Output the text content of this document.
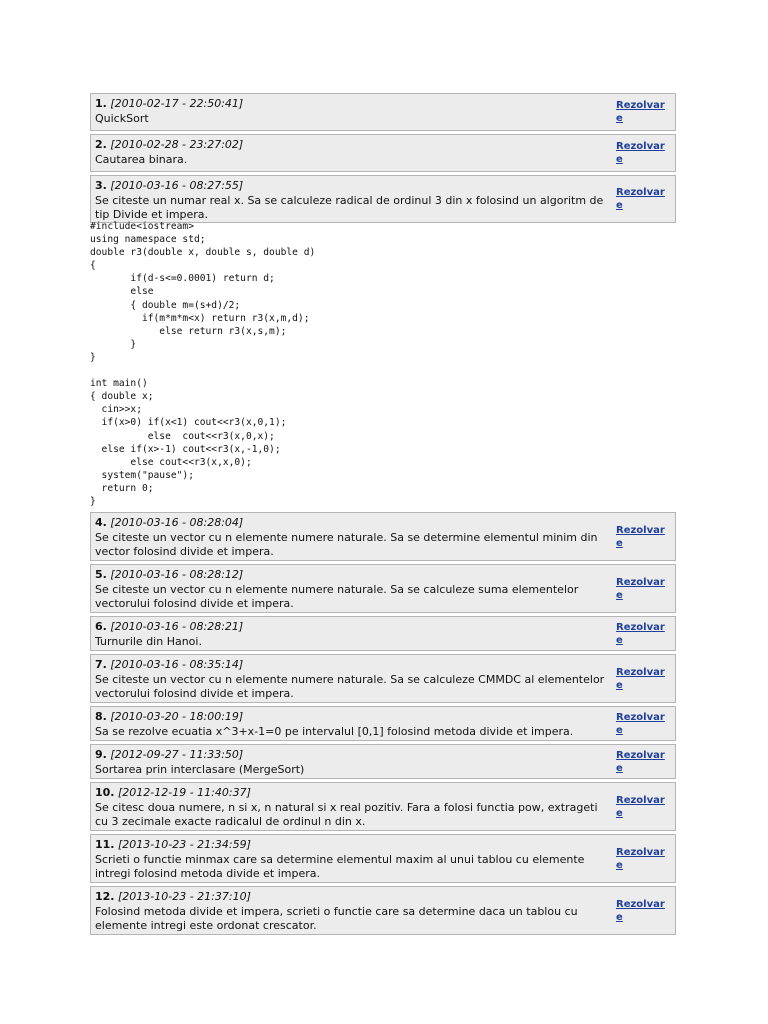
1. [2010-02-17 - 22:50:41]
QuickSort
Rezolvare
2. [2010-02-28 - 23:27:02]
Cautarea binara.
Rezolvare
3. [2010-03-16 - 08:27:55]
Se citeste un numar real x. Sa se calculeze radical de ordinul 3 din x folosind un algoritm de tip Divide et impera.
Rezolvare
#include<iostream>
using namespace std;
double r3(double x, double s, double d)
{
if(d-s<=0.0001) return d;
else
{ double m=(s+d)/2;
if(m*m*m<x) return r3(x,m,d);
else return r3(x,s,m);
}
}

int main()
{ double x;
cin>>x;
if(x>0) if(x<1) cout<<r3(x,0,1);
else  cout<<r3(x,0,x);
else if(x>-1) cout<<r3(x,-1,0);
else cout<<r3(x,x,0);
system("pause");
return 0;
}
4. [2010-03-16 - 08:28:04]
Se citeste un vector cu n elemente numere naturale. Sa se determine elementul minim din vector folosind divide et impera.
Rezolvare
5. [2010-03-16 - 08:28:12]
Se citeste un vector cu n elemente numere naturale. Sa se calculeze suma elementelor vectorului folosind divide et impera.
Rezolvare
6. [2010-03-16 - 08:28:21]
Turnurile din Hanoi.
Rezolvare
7. [2010-03-16 - 08:35:14]
Se citeste un vector cu n elemente numere naturale. Sa se calculeze CMMDC al elementelor vectorului folosind divide et impera.
Rezolvare
8. [2010-03-20 - 18:00:19]
Sa se rezolve ecuatia x^3+x-1=0 pe intervalul [0,1] folosind metoda divide et impera.
Rezolvare
9. [2012-09-27 - 11:33:50]
Sortarea prin interclasare (MergeSort)
Rezolvare
10. [2012-12-19 - 11:40:37]
Se citesc doua numere, n si x, n natural si x real pozitiv. Fara a folosi functia pow, extrageti cu 3 zecimale exacte radicalul de ordinul n din x.
Rezolvare
11. [2013-10-23 - 21:34:59]
Scrieti o functie minmax care sa determine elementul maxim al unui tablou cu elemente intregi folosind metoda divide et impera.
Rezolvare
12. [2013-10-23 - 21:37:10]
Folosind metoda divide et impera, scrieti o functie care sa determine daca un tablou cu elemente intregi este ordonat crescator.
Rezolvare
